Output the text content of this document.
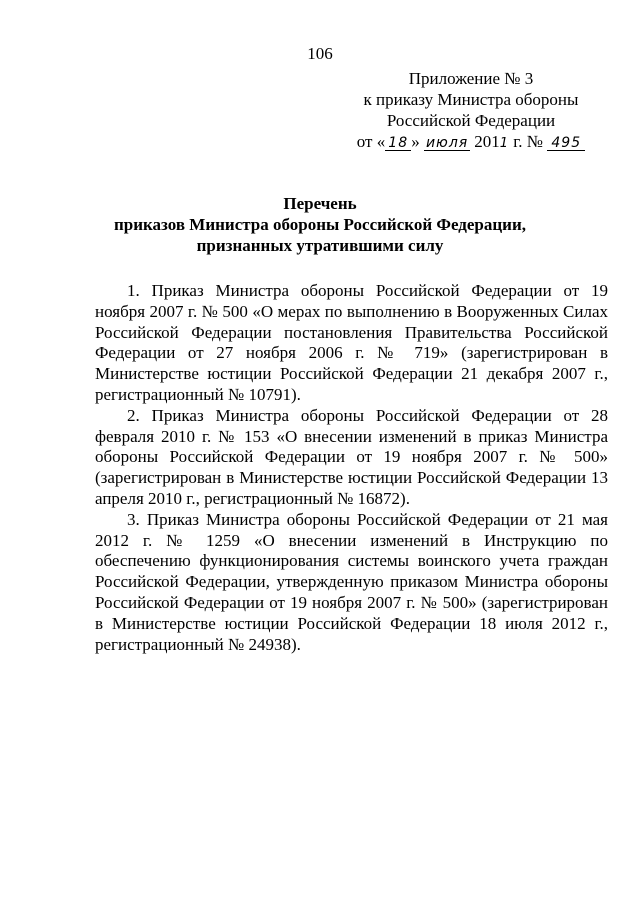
106
Приложение № 3
к приказу Министра обороны
Российской Федерации
от « 18 » июля 2011 г. № 495
Перечень
приказов Министра обороны Российской Федерации,
признанных утратившими силу

1. Приказ Министра обороны Российской Федерации от 19 ноября 2007 г. № 500 «О мерах по выполнению в Вооруженных Силах Российской Федерации постановления Правительства Российской Федерации от 27 ноября 2006 г. № 719» (зарегистрирован в Министерстве юстиции Российской Федерации 21 декабря 2007 г., регистрационный № 10791).

2. Приказ Министра обороны Российской Федерации от 28 февраля 2010 г. № 153 «О внесении изменений в приказ Министра обороны Российской Федерации от 19 ноября 2007 г. № 500» (зарегистрирован в Министерстве юстиции Российской Федерации 13 апреля 2010 г., регистрационный № 16872).

3. Приказ Министра обороны Российской Федерации от 21 мая 2012 г. № 1259 «О внесении изменений в Инструкцию по обеспечению функционирования системы воинского учета граждан Российской Федерации, утвержденную приказом Министра обороны Российской Федерации от 19 ноября 2007 г. № 500» (зарегистрирован в Министерстве юстиции Российской Федерации 18 июля 2012 г., регистрационный № 24938).
